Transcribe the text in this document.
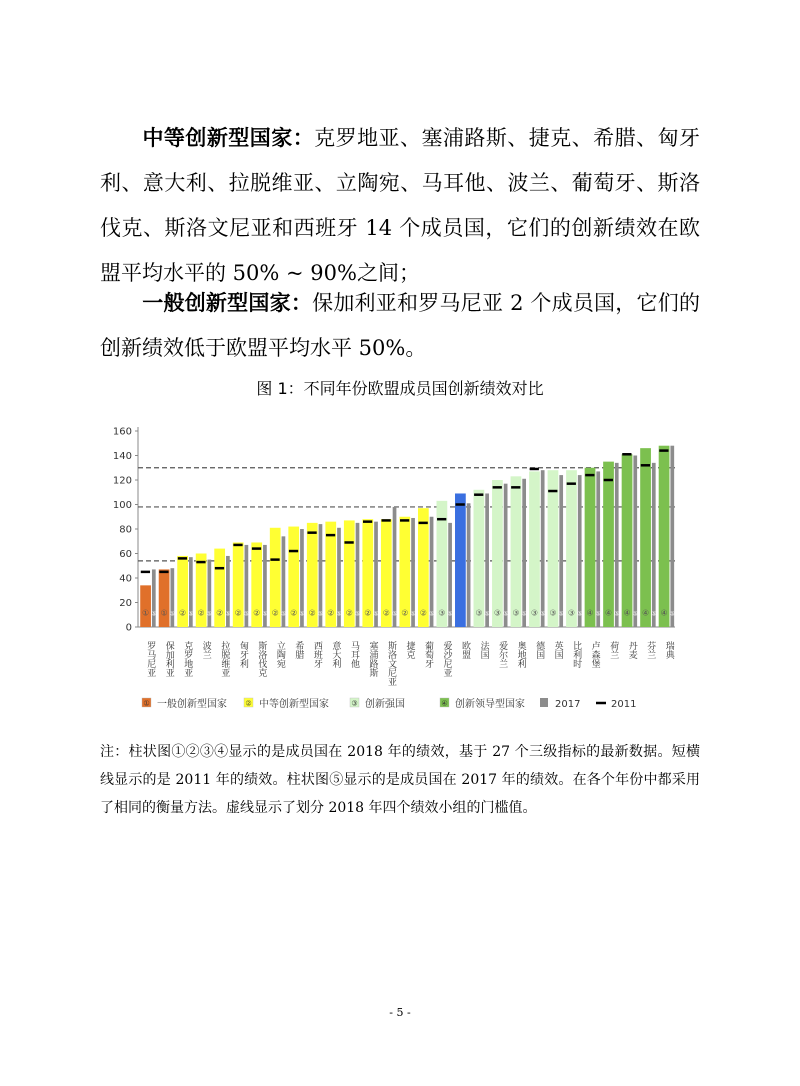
中等创新型国家：克罗地亚、塞浦路斯、捷克、希腊、匈牙利、意大利、拉脱维亚、立陶宛、马耳他、波兰、葡萄牙、斯洛伐克、斯洛文尼亚和西班牙 14 个成员国，它们的创新绩效在欧盟平均水平的 50% ~ 90%之间；
一般创新型国家：保加利亚和罗马尼亚 2 个成员国，它们的创新绩效低于欧盟平均水平 50%。
图 1：不同年份欧盟成员国创新绩效对比
0
20
40
60
80
100
120
140
160
① ⑤ ① ⑤ ② ⑤ ② ⑤ ② ⑤ ② ⑤ ② ⑤ ② ⑤ ② ⑤ ② ⑤ ② ⑤ ② ⑤ ② ⑤ ② ⑤ ② ⑤ ② ⑤ ③ ⑤	③ ⑤ ③ ⑤ ③ ⑤ ③ ⑤ ③ ⑤ ③ ⑤ ④ ⑤ ④ ⑤ ④ ⑤ ④ ⑤ ④ ⑤
罗马尼亚 保加利亚 克罗地亚 波兰 拉脱维亚 匈牙利 斯洛伐克 立陶宛 希腊 西班牙 意大利 马耳他 塞浦路斯 斯洛文尼亚 捷克 葡萄牙 爱沙尼亚 欧盟 法国 爱尔兰 奥地利 德国 英国 比利时 卢森堡 荷兰 丹麦 芬兰 瑞典
① 一般创新型国家	② 中等创新型国家	③ 创新强国	④ 创新领导型国家	2017	2011
注：柱状图①②③④显示的是成员国在 2018 年的绩效，基于 27 个三级指标的最新数据。短横线显示的是 2011 年的绩效。柱状图⑤显示的是成员国在 2017 年的绩效。在各个年份中都采用了相同的衡量方法。虚线显示了划分 2018 年四个绩效小组的门槛值。
- 5 -
